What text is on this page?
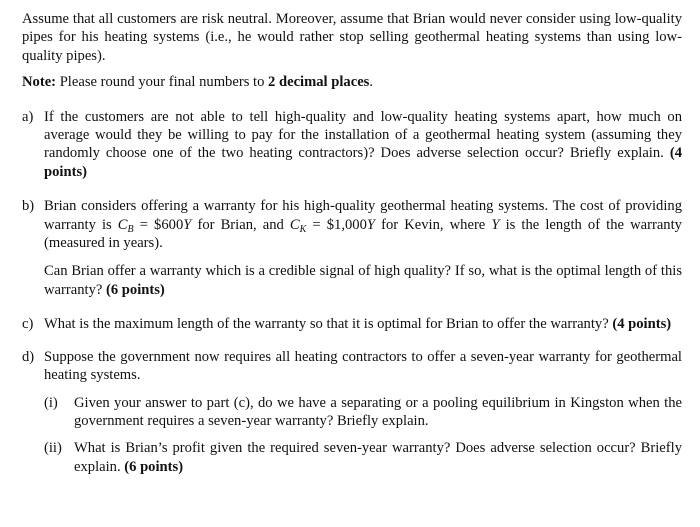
Assume that all customers are risk neutral. Moreover, assume that Brian would never consider using low-quality pipes for his heating systems (i.e., he would rather stop selling geothermal heating systems than using low-quality pipes).

Note: Please round your final numbers to 2 decimal places.

a) If the customers are not able to tell high-quality and low-quality heating systems apart, how much on average would they be willing to pay for the installation of a geothermal heating system (assuming they randomly choose one of the two heating contractors)? Does adverse selection occur? Briefly explain. (4 points)

b) Brian considers offering a warranty for his high-quality geothermal heating systems. The cost of providing warranty is $C_B$ = $600Y for Brian, and $C_K$ = $1,000Y for Kevin, where Y is the length of the warranty (measured in years).

Can Brian offer a warranty which is a credible signal of high quality? If so, what is the optimal length of this warranty? (6 points)

c) What is the maximum length of the warranty so that it is optimal for Brian to offer the warranty? (4 points)

d) Suppose the government now requires all heating contractors to offer a seven-year warranty for geothermal heating systems.

(i)	Given your answer to part (c), do we have a separating or a pooling equilibrium in Kingston when the government requires a seven-year warranty? Briefly explain.

(ii) What is Brian’s profit given the required seven-year warranty? Does adverse selection occur? Briefly explain. (6 points)
